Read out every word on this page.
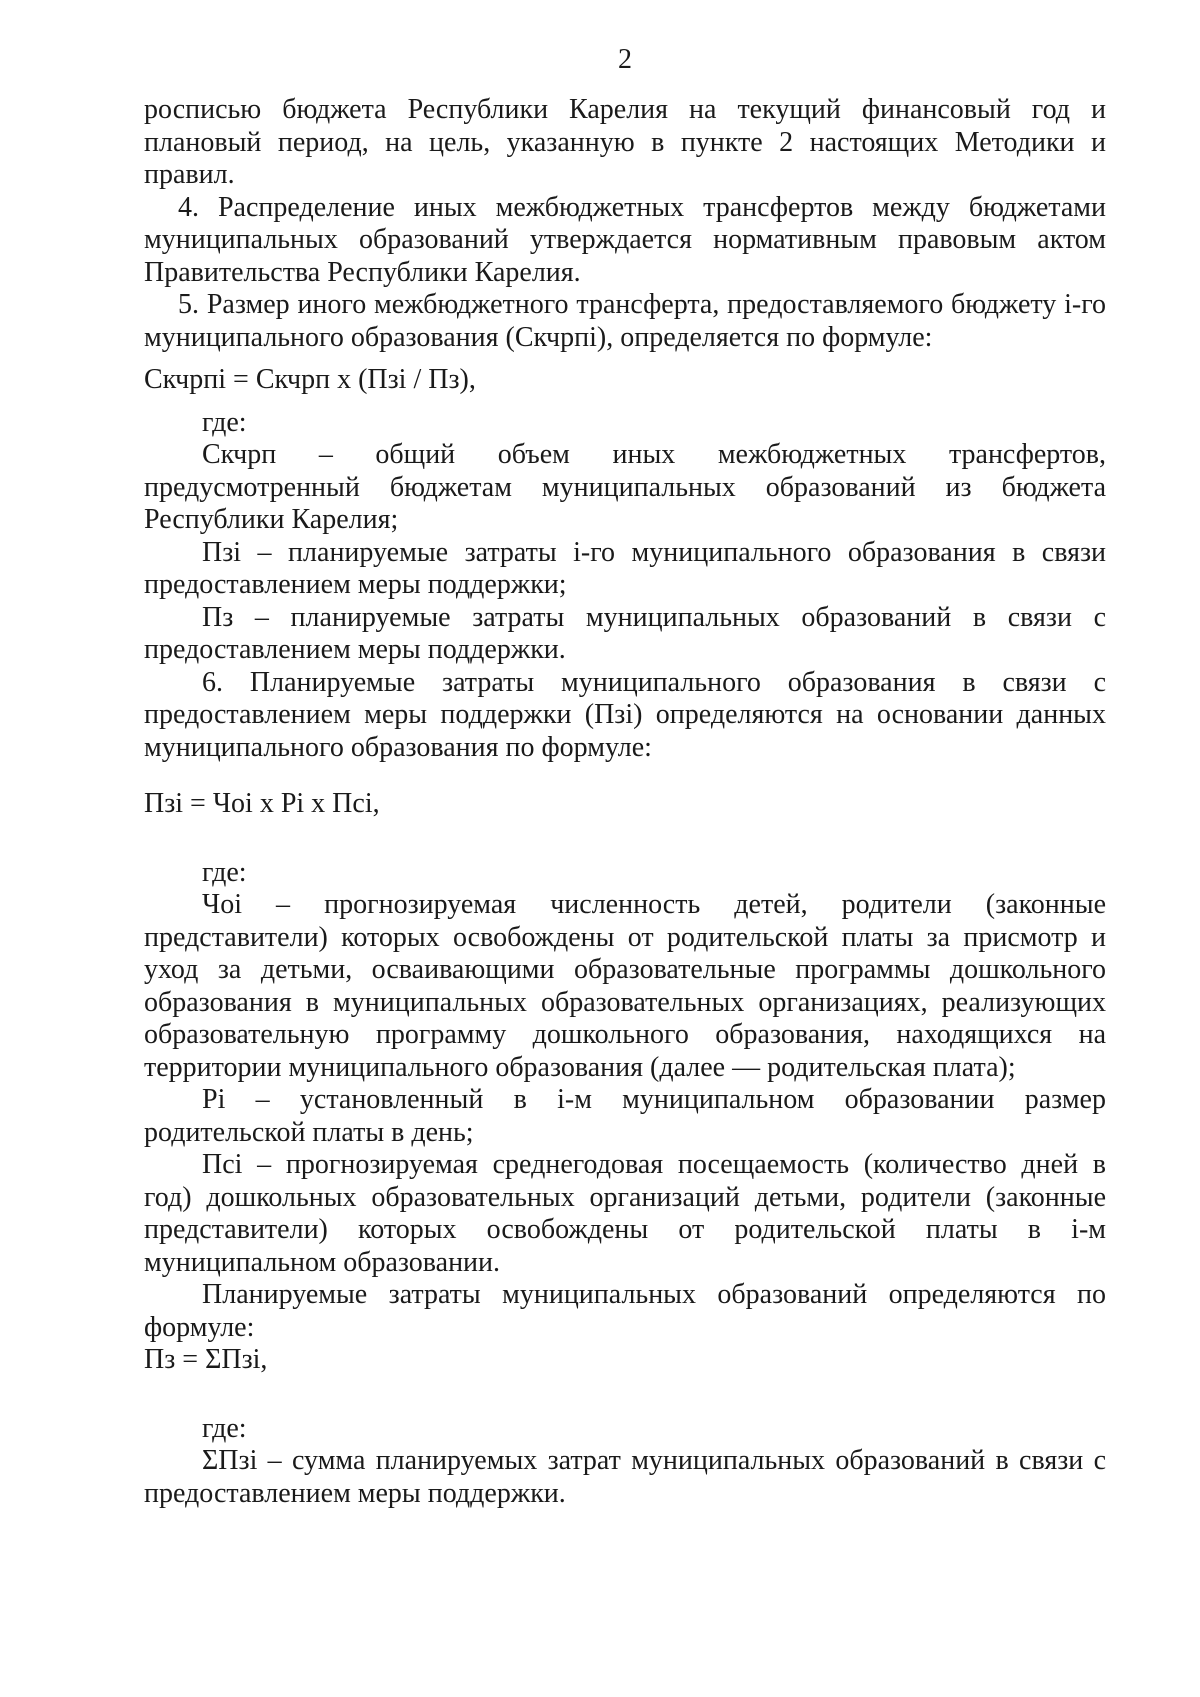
2

росписью бюджета Республики Карелия на текущий финансовый год и плановый период, на цель, указанную в пункте 2 настоящих Методики и правил.

4. Распределение иных межбюджетных трансфертов между бюджетами муниципальных образований утверждается нормативным правовым актом Правительства Республики Карелия.

5. Размер иного межбюджетного трансферта, предоставляемого бюджету i-го муниципального образования (Скчрпi), определяется по формуле:

Скчрпi = Скчрп х (Пзi / Пз),

где:

Скчрп – общий объем иных межбюджетных трансфертов, предусмотренный бюджетам муниципальных образований из бюджета Республики Карелия;

Пзi – планируемые затраты i-го муниципального образования в связи предоставлением меры поддержки;

Пз – планируемые затраты муниципальных образований в связи с предоставлением меры поддержки.

6. Планируемые затраты муниципального образования в связи с предоставлением меры поддержки (Пзi) определяются на основании данных муниципального образования по формуле:

Пзi = Чоi х Рi х Псi,

где:

Чоi – прогнозируемая численность детей, родители (законные представители) которых освобождены от родительской платы за присмотр и уход за детьми, осваивающими образовательные программы дошкольного образования в муниципальных образовательных организациях, реализующих образовательную программу дошкольного образования, находящихся на территории муниципального образования (далее — родительская плата);

Рi – установленный в i-м муниципальном образовании размер родительской платы в день;

Псi – прогнозируемая среднегодовая посещаемость (количество дней в год) дошкольных образовательных организаций детьми, родители (законные представители) которых освобождены от родительской платы в i-м муниципальном образовании.

Планируемые затраты муниципальных образований определяются по формуле:

Пз = ΣПзi,

где:

ΣПзi – сумма планируемых затрат муниципальных образований в связи с предоставлением меры поддержки.
